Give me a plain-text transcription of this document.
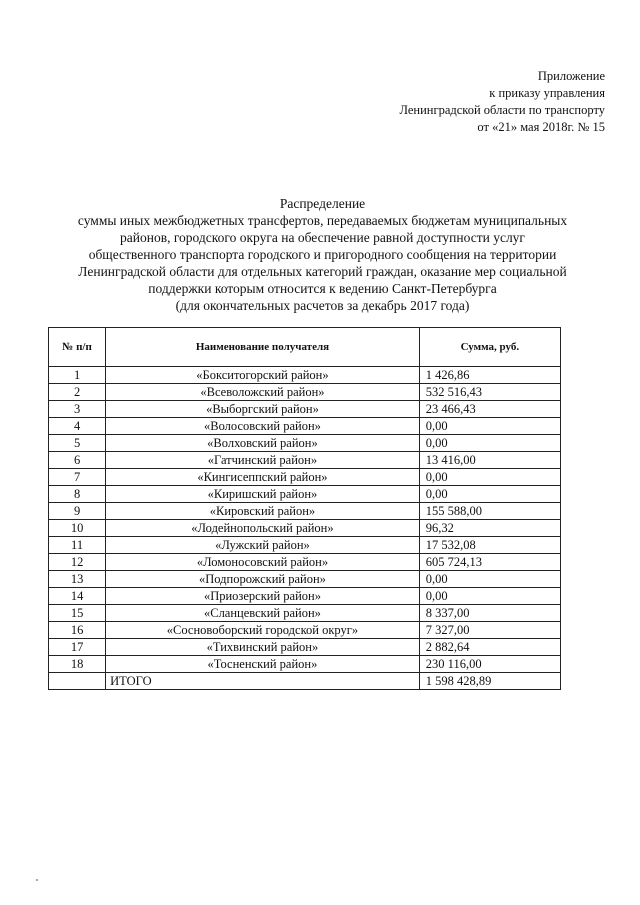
Приложение
к приказу управления
Ленинградской области по транспорту
от «21» мая 2018г. № 15
Распределение
суммы иных межбюджетных трансфертов, передаваемых бюджетам муниципальных
районов, городского округа на обеспечение равной доступности услуг
общественного транспорта городского и пригородного сообщения на территории
Ленинградской области для отдельных категорий граждан, оказание мер социальной
поддержки которым относится к ведению Санкт-Петербурга
(для окончательных расчетов за декабрь 2017 года)
№ п/п	Наименование получателя	Сумма, руб.
1	«Бокситогорский район»	1 426,86
2	«Всеволожский район»	532 516,43
3	«Выборгский район»	23 466,43
4	«Волосовский район»	0,00
5	«Волховский район»	0,00
6	«Гатчинский район»	13 416,00
7	«Кингисеппский район»	0,00
8	«Киришский район»	0,00
9	«Кировский район»	155 588,00
10	«Лодейнопольский район»	96,32
11	«Лужский район»	17 532,08
12	«Ломоносовский район»	605 724,13
13	«Подпорожский район»	0,00
14	«Приозерский район»	0,00
15	«Сланцевский район»	8 337,00
16	«Сосновоборский городской округ»	7 327,00
17	«Тихвинский район»	2 882,64
18	«Тосненский район»	230 116,00
	ИТОГО	1 598 428,89
